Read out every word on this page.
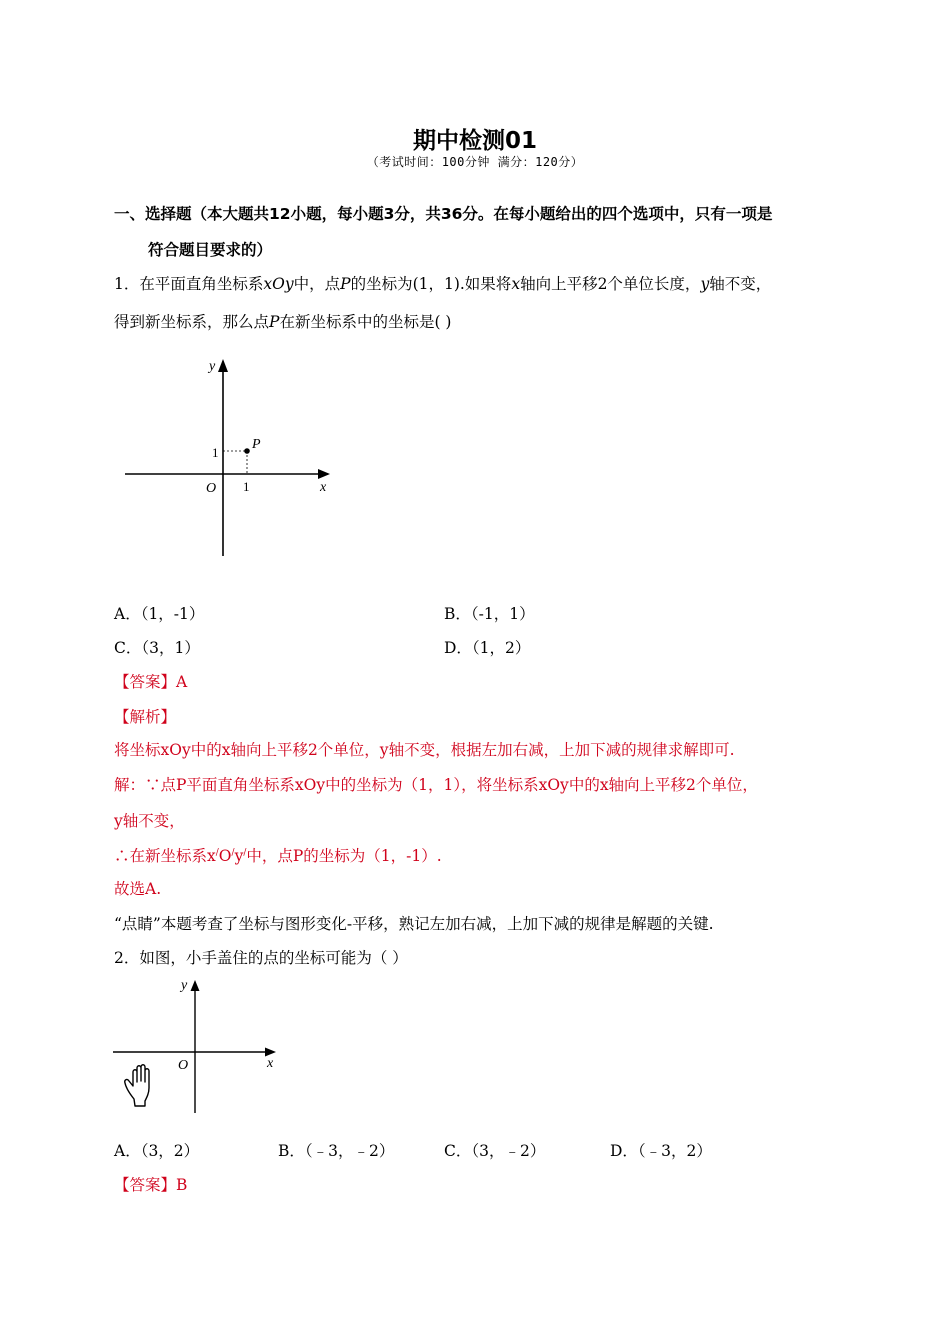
期中检测01
（考试时间：100分钟 满分：120分）
一、选择题（本大题共12小题，每小题3分，共36分。在每小题给出的四个选项中，只有一项是
符合题目要求的）
1．在平面直角坐标系xOy中，点P的坐标为(1，1).如果将x轴向上平移2个单位长度，y轴不变，
得到新坐标系，那么点P在新坐标系中的坐标是( )
y
x
O 1
1
P
A．（1，-1）	B．（-1，1）
C．（3，1）	D．（1，2）
【答案】A
【解析】
将坐标xOy中的x轴向上平移2个单位，y轴不变，根据左加右减，上加下减的规律求解即可.
解：∵点P平面直角坐标系xOy中的坐标为（1，1），将坐标系xOy中的x轴向上平移2个单位，
y轴不变，
∴在新坐标系x/O/y/中，点P的坐标为（1，-1）.
故选A.
“点睛”本题考查了坐标与图形变化-平移，熟记左加右减，上加下减的规律是解题的关键.
2．如图，小手盖住的点的坐标可能为（ ）
y
x
O
A．（3，2）	B．（﹣3，﹣2）	C．（3，﹣2）	D．（﹣3，2）
【答案】B
